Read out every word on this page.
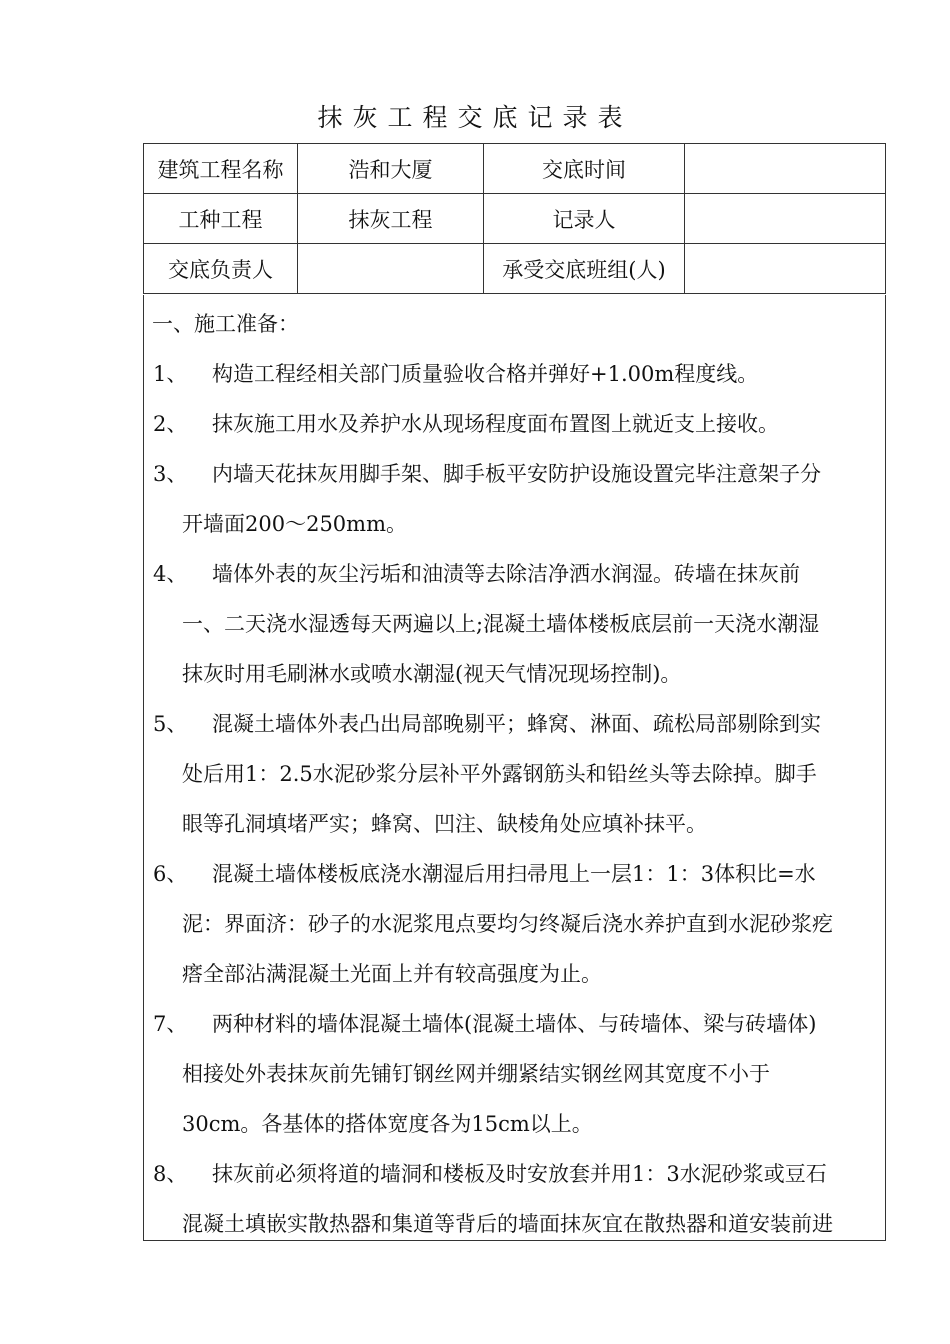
抹灰工程交底记录表
建筑工程名称	浩和大厦	交底时间	
工种工程	抹灰工程	记录人	
交底负责人		承受交底班组(人)	
一、施工准备：
1、 构造工程经相关部门质量验收合格并弹好+1.00m程度线。
2、 抹灰施工用水及养护水从现场程度面布置图上就近支上接收。
3、 内墙天花抹灰用脚手架、脚手板平安防护设施设置完毕注意架子分
开墙面200～250mm。
4、 墙体外表的灰尘污垢和油渍等去除洁净洒水润湿。砖墙在抹灰前
一、二天浇水湿透每天两遍以上;混凝土墙体楼板底层前一天浇水潮湿
抹灰时用毛刷淋水或喷水潮湿(视天气情况现场控制)。
5、 混凝土墙体外表凸出局部晚剔平；蜂窝、淋面、疏松局部剔除到实
处后用1：2.5水泥砂浆分层补平外露钢筋头和铅丝头等去除掉。脚手
眼等孔洞填堵严实；蜂窝、凹注、缺棱角处应填补抹平。
6、 混凝土墙体楼板底浇水潮湿后用扫帚甩上一层1：1：3体积比=水
泥：界面济：砂子的水泥浆甩点要均匀终凝后浇水养护直到水泥砂浆疙
瘩全部沾满混凝土光面上并有较高强度为止。
7、 两种材料的墙体混凝土墙体(混凝土墙体、与砖墙体、梁与砖墙体)
相接处外表抹灰前先铺钉钢丝网并绷紧结实钢丝网其宽度不小于
30cm。各基体的搭体宽度各为15cm以上。
8、 抹灰前必须将道的墙洞和楼板及时安放套并用1：3水泥砂浆或豆石
混凝土填嵌实散热器和集道等背后的墙面抹灰宜在散热器和道安装前进
